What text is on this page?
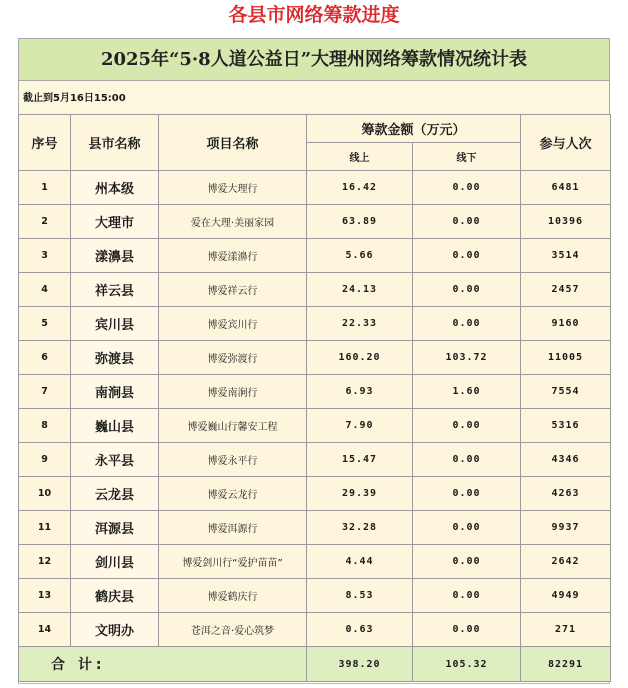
各县市网络筹款进度
2025年“5·8人道公益日”大理州网络筹款情况统计表
截止到5月16日15:00
序号	县市名称	项目名称	筹款金额（万元）		参与人次
			线上	线下	
1	州本级	博爱大理行	16.42	0.00	6481
2	大理市	爱在大理·美丽家园	63.89	0.00	10396
3	漾濞县	博爱漾濞行	5.66	0.00	3514
4	祥云县	博爱祥云行	24.13	0.00	2457
5	宾川县	博爱宾川行	22.33	0.00	9160
6	弥渡县	博爱弥渡行	160.20	103.72	11005
7	南涧县	博爱南涧行	6.93	1.60	7554
8	巍山县	博爱巍山行馨安工程	7.90	0.00	5316
9	永平县	博爱永平行	15.47	0.00	4346
10	云龙县	博爱云龙行	29.39	0.00	4263
11	洱源县	博爱洱源行	32.28	0.00	9937
12	剑川县	博爱剑川行“爱护苗苗”	4.44	0.00	2642
13	鹤庆县	博爱鹤庆行	8.53	0.00	4949
14	文明办	苍洱之音·爱心筑梦	0.63	0.00	271
合 计:			398.20	105.32	82291
